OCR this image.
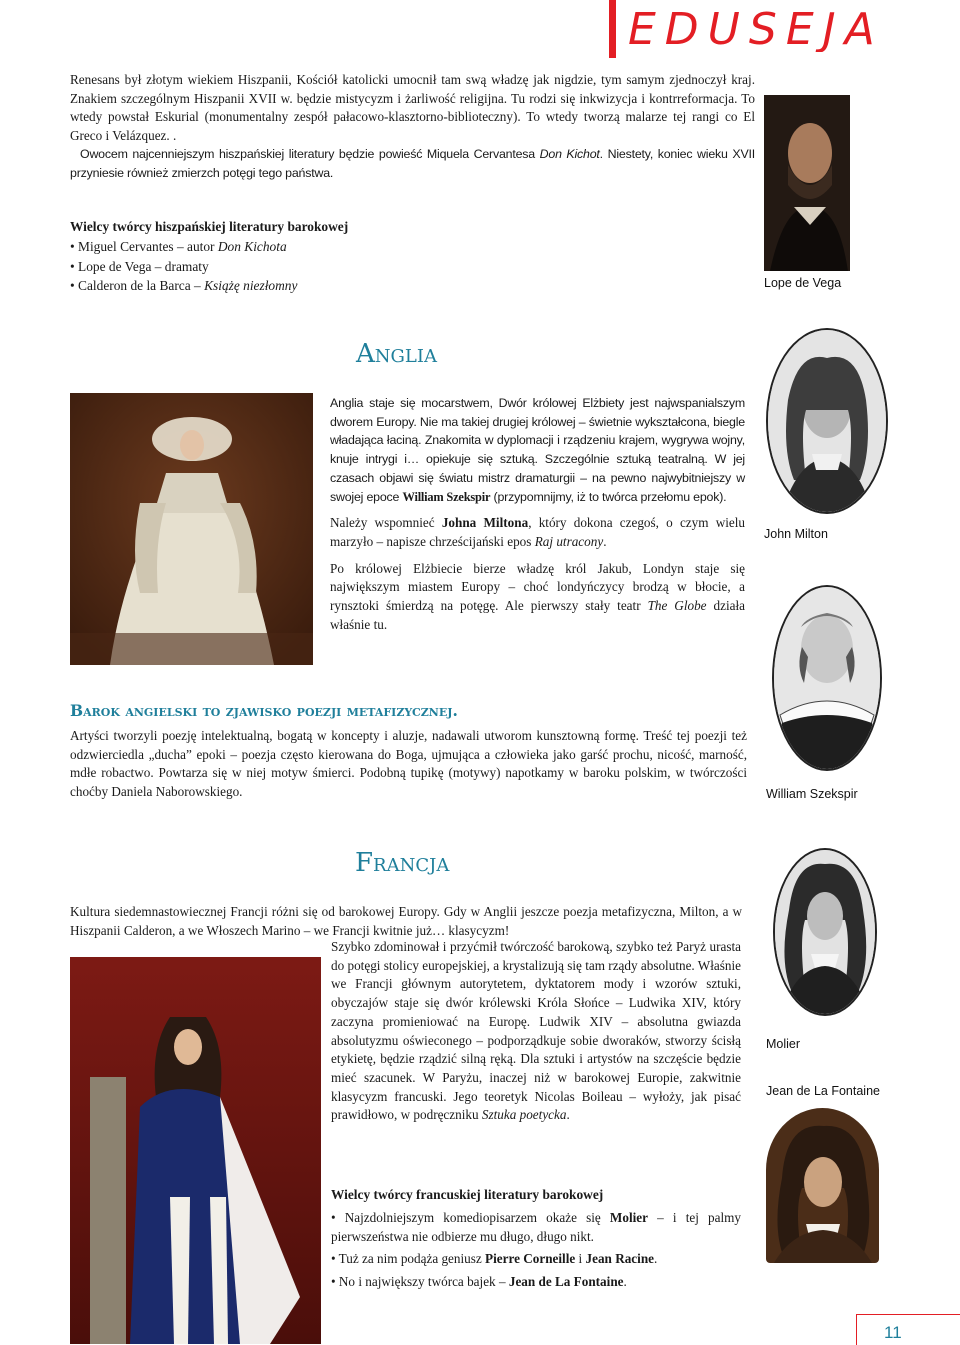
EDUSEJA

Renesans był złotym wiekiem Hiszpanii, Kościół katolicki umocnił tam swą władzę jak nigdzie, tym samym zjednoczył kraj. Znakiem szczególnym Hiszpanii XVII w. będzie mistycyzm i żarliwość religijna. Tu rodzi się inkwizycja i kontrreformacja. To wtedy powstał Eskurial (monumentalny zespół pałacowo-klasztorno-biblioteczny). To wtedy tworzą malarze tej rangi co El Greco i Velázquez. .

Owocem najcenniejszym hiszpańskiej literatury będzie powieść Miquela Cervantesa Don Kichot. Niestety, koniec wieku XVII przyniesie również zmierzch potęgi tego państwa.

Wielcy twórcy hiszpańskiej literatury barokowej
• Miguel Cervantes – autor Don Kichota
• Lope de Vega – dramaty
• Calderon de la Barca – Książę niezłomny	Lope de Vega
Anglia

Anglia staje się mocarstwem, Dwór królowej Elżbiety jest najwspanialszym dworem Europy. Nie ma takiej drugiej królowej – świetnie wykształcona, biegle władająca łaciną. Znakomita w dyplomacji i rządzeniu krajem, wygrywa wojny, knuje intrygi i… opiekuje się sztuką. Szczególnie sztuką teatralną. W jej czasach objawi się światu mistrz dramaturgii – na pewno najwybitniejszy w swojej epoce William Szekspir (przypomnijmy, iż to twórca przełomu epok).

Należy wspomnieć Johna Miltona, który dokona czegoś, o czym wielu marzyło – napisze chrześcijański epos Raj utracony.

Po królowej Elżbiecie bierze władzę król Jakub, Londyn staje się największym miastem Europy – choć londyńczycy brodzą w błocie, a rynsztoki śmierdzą na potęgę. Ale pierwszy stały teatr The Globe działa właśnie tu.

John Milton
William Szekspir
Barok angielski to zjawisko poezji metafizycznej.

Artyści tworzyli poezję intelektualną, bogatą w koncepty i aluzje, nadawali utworom kunsztowną formę. Treść tej poezji też odzwierciedla „ducha” epoki – poezja często kierowana do Boga, ujmująca a człowieka jako garść prochu, nicość, marność, mdłe robactwo. Powtarza się w niej motyw śmierci. Podobną tupikę (motywy) napotkamy w baroku polskim, w twórczości choćby Daniela Naborowskiego.

Francja

Kultura siedemnastowiecznej Francji różni się od barokowej Europy. Gdy w Anglii jeszcze poezja metafizyczna, Milton, a w Hiszpanii Calderon, a we Włoszech Marino – we Francji kwitnie już… klasycyzm!

Szybko zdominował i przyćmił twórczość barokową, szybko też Paryż urasta do potęgi stolicy europejskiej, a krystalizują się tam rządy absolutne. Właśnie we Francji głównym autorytetem, dyktatorem mody i wzorów sztuki, obyczajów staje się dwór królewski Króla Słońce – Ludwika XIV, który zaczyna promieniować na Europę. Ludwik XIV – absolutna gwiazda absolutyzmu oświeconego – podporządkuje sobie dworaków, stworzy ścisłą etykietę, będzie rządzić silną ręką. Dla sztuki i artystów na szczęście będzie mieć szacunek. W Paryżu, inaczej niż w barokowej Europie, zakwitnie klasycyzm francuski. Jego teoretyk Nicolas Boileau – wyłoży, jak pisać prawidłowo, w podręczniku Sztuka poetycka.

Wielcy twórcy francuskiej literatury barokowej

• Najzdolniejszym komediopisarzem okaże się Molier – i tej palmy pierwszeństwa nie odbierze mu długo, długo nikt.

• Tuż za nim podąża geniusz Pierre Corneille i Jean Racine.

• No i największy twórca bajek – Jean de La Fontaine.

Molier
Jean de La Fontaine
11
